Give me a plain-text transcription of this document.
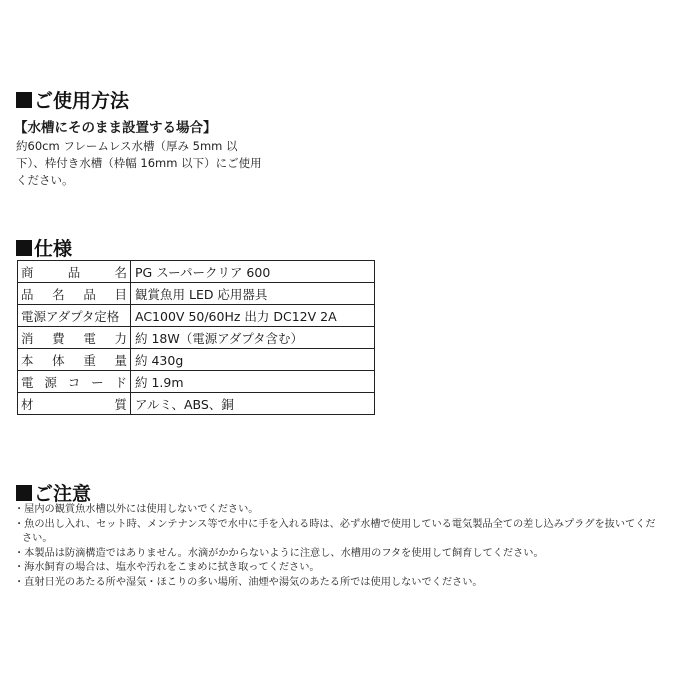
ご使用方法
【水槽にそのまま設置する場合】
約60cm フレームレス水槽（厚み 5mm 以
下）、枠付き水槽（枠幅 16mm 以下）にご使用
ください。
仕様
商 品 名	PG スーパークリア 600

品 名 品 目	観賞魚用 LED 応用器具

電源アダプタ定格	AC100V 50/60Hz 出力 DC12V 2A

消 費 電 力	約 18W（電源アダプタ含む）

本 体 重 量	約 430g

電 源 コ ー ド	約 1.9m

材 質	アルミ、ABS、銅
ご注意
・屋内の観賞魚水槽以外には使用しないでください。
・魚の出し入れ、セット時、メンテナンス等で水中に手を入れる時は、必ず水槽で使用している電気製品全ての差し込みプラグを抜いてくだ
さい。
・本製品は防滴構造ではありません。水滴がかからないように注意し、水槽用のフタを使用して飼育してください。
・海水飼育の場合は、塩水や汚れをこまめに拭き取ってください。
・直射日光のあたる所や湿気・ほこりの多い場所、油煙や湯気のあたる所では使用しないでください。
